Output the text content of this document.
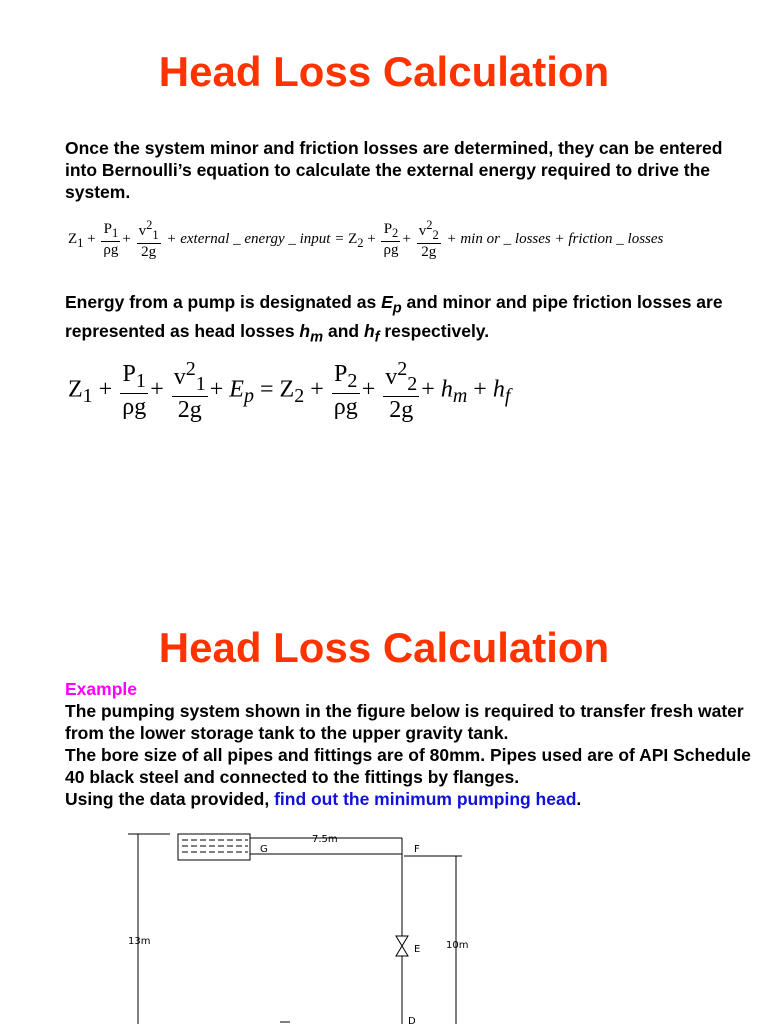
Head Loss Calculation

Once the system minor and friction losses are determined, they can be entered into Bernoulli’s equation to calculate the external energy required to drive the system.

$Z_1 + \frac{P_1}{\rho g} + \frac{v^2_1}{2g}$ + external _ energy _ input = $Z_2 + \frac{P_2}{\rho g} + \frac{v^2_2}{2g} + \min$ or _ losses + friction _ losses

Energy from a pump is designated as $E_p$ and minor and pipe friction losses are represented as head losses $h_m$ and $h_f$ respectively.

$Z_1 + \frac{P_1}{\rho g} + \frac{v^2_1}{2g} + E_p = Z_2 + \frac{P_2}{\rho g} + \frac{v^2_2}{2g} + h_m + h_f$
Head Loss Calculation

Example
The pumping system shown in the figure below is required to transfer fresh water from the lower storage tank to the upper gravity tank.
The bore size of all pipes and fittings are of 80mm. Pipes used are of API Schedule 40 black steel and connected to the fittings by flanges.
Using the data provided, find out the minimum pumping head.

13m
G
7.5m
F
E
D
10m
